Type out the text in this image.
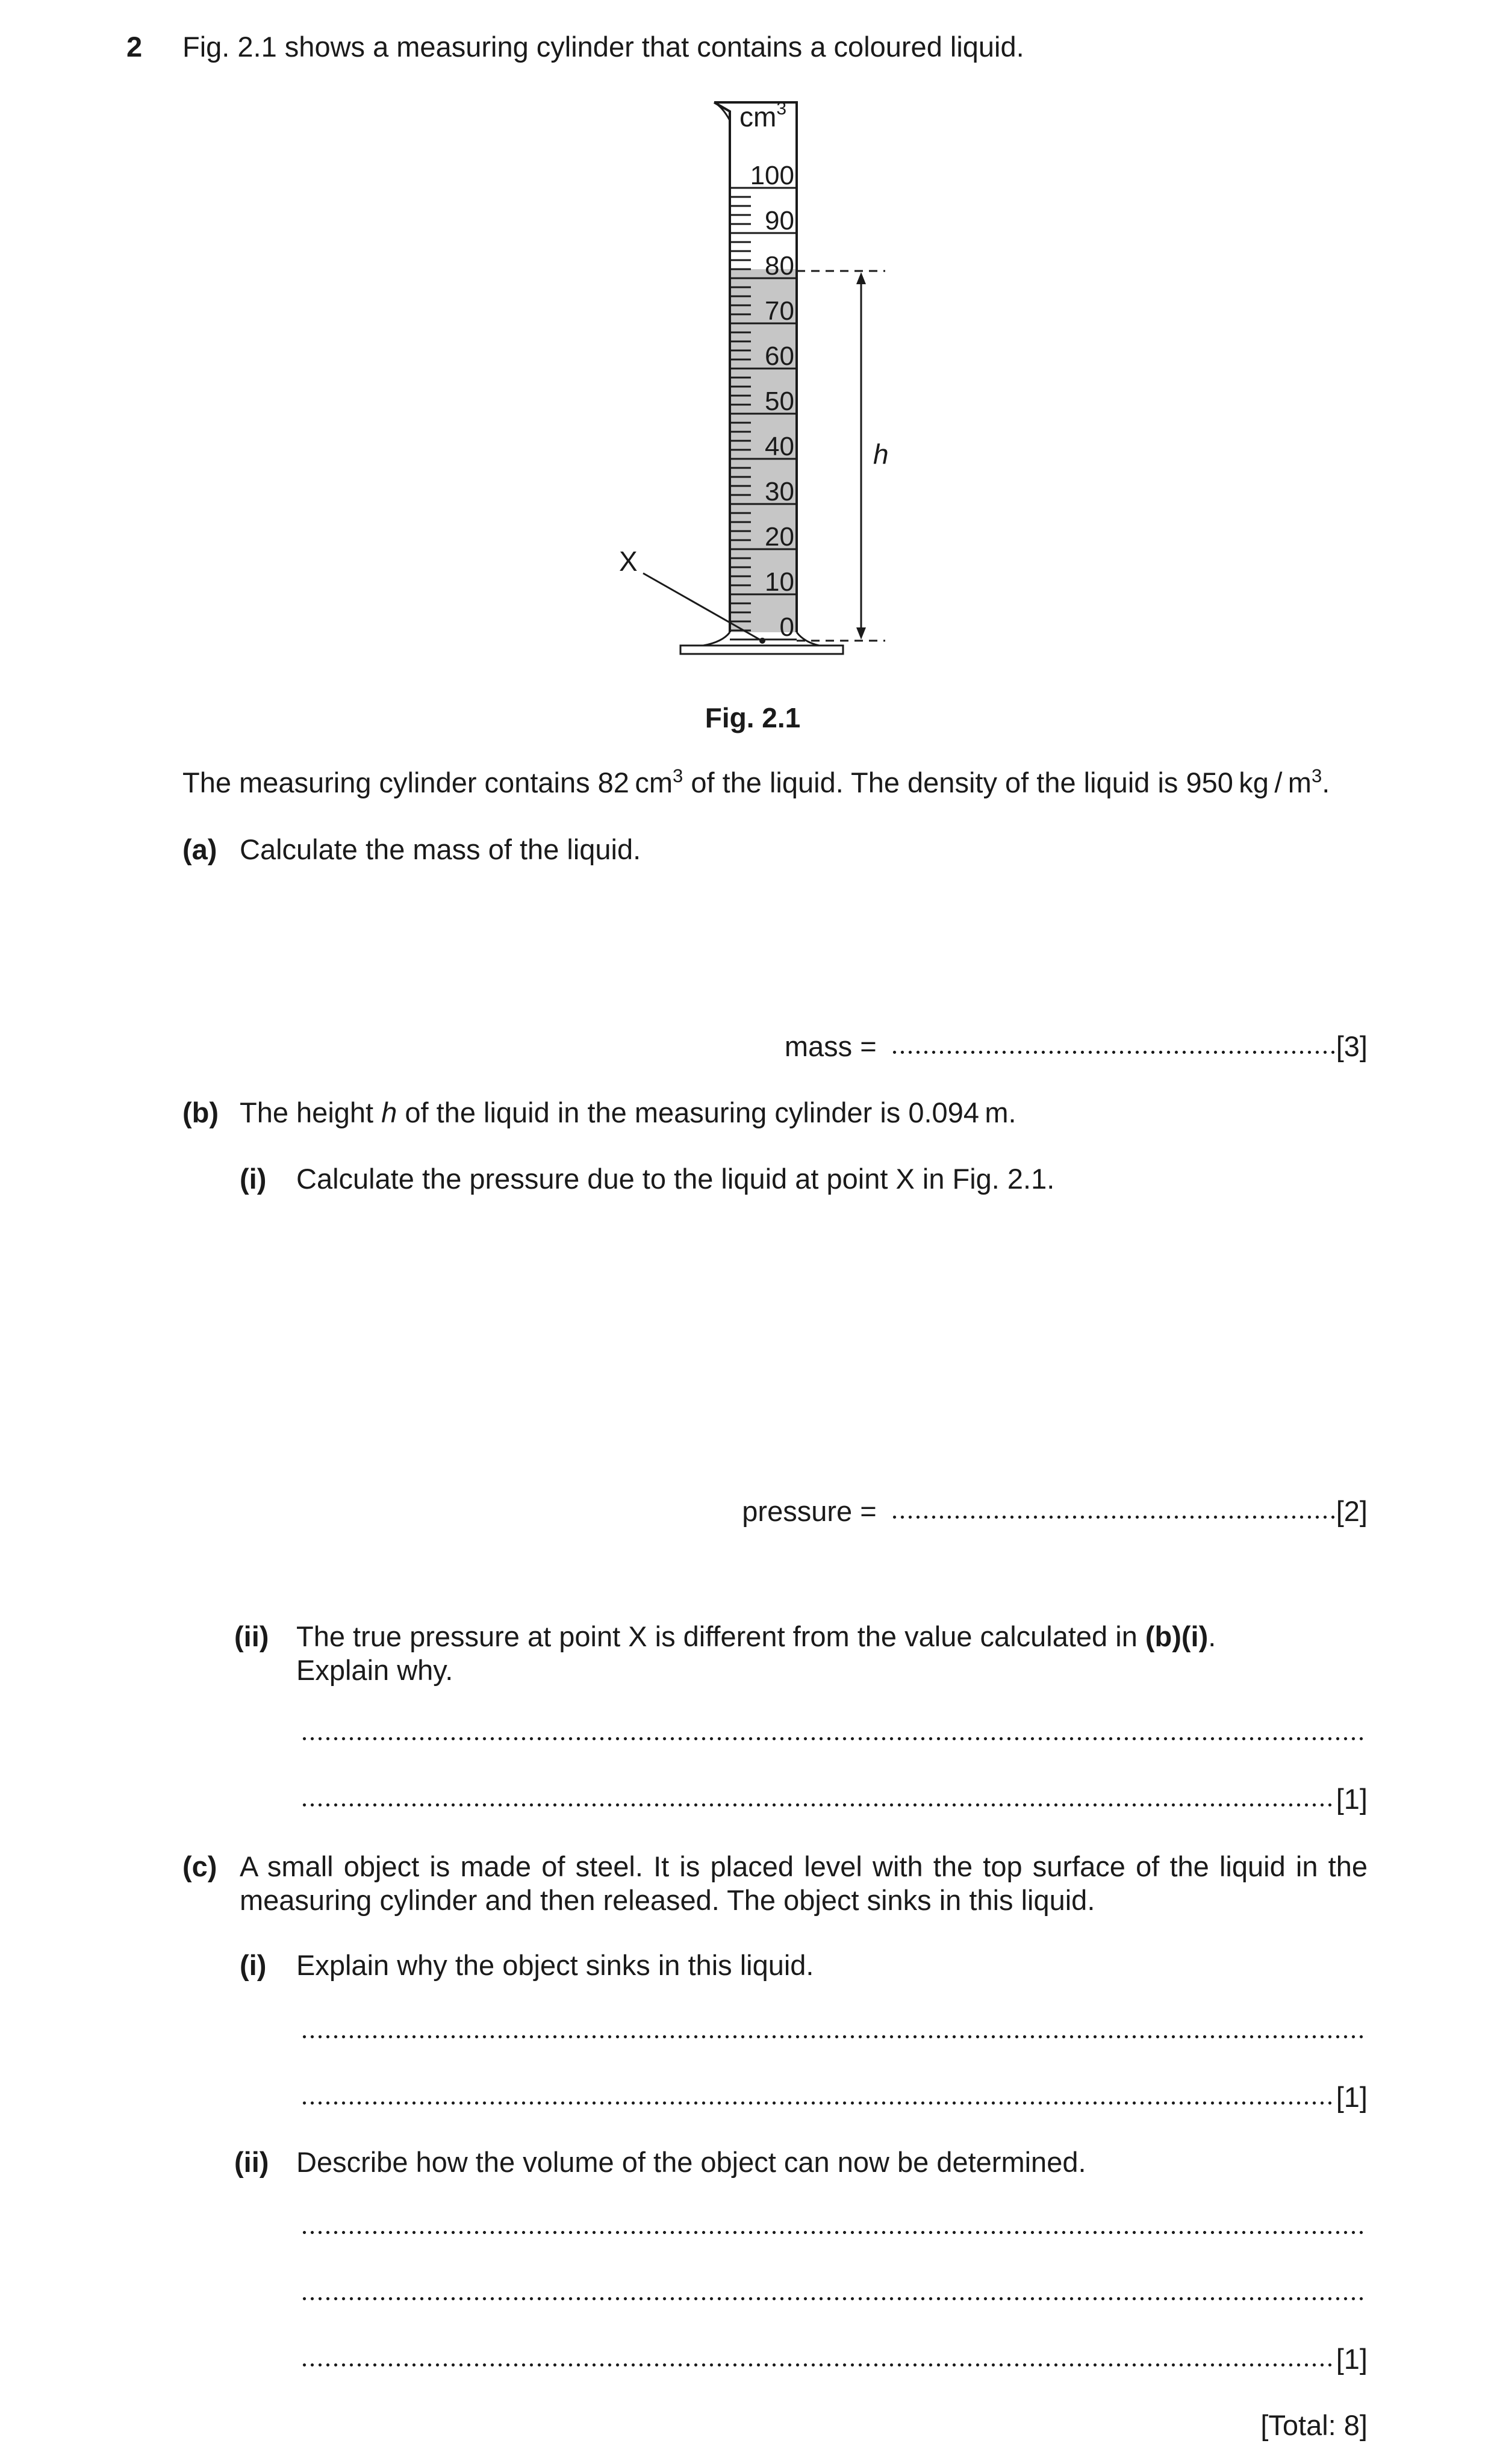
2 Fig. 2.1 shows a measuring cylinder that contains a coloured liquid.
100
90
80
70
60
50
40
30
20
10
0
$cm^3$
h
X
Fig. 2.1
The measuring cylinder contains 82 $cm^3$ of the liquid. The density of the liquid is 950 kg / $m^3$.
(a) Calculate the mass of the liquid.
mass =	[3]
(b) The height h of the liquid in the measuring cylinder is 0.094 m.
(i) Calculate the pressure due to the liquid at point X in Fig. 2.1.
pressure =	[2]
(ii) The true pressure at point X is different from the value calculated in (b)(i).
Explain why.
[1]
(c) A small object is made of steel. It is placed level with the top surface of the liquid in the
measuring cylinder and then released. The object sinks in this liquid.
(i) Explain why the object sinks in this liquid.
[1]
(ii) Describe how the volume of the object can now be determined.
[1]
[Total: 8]
